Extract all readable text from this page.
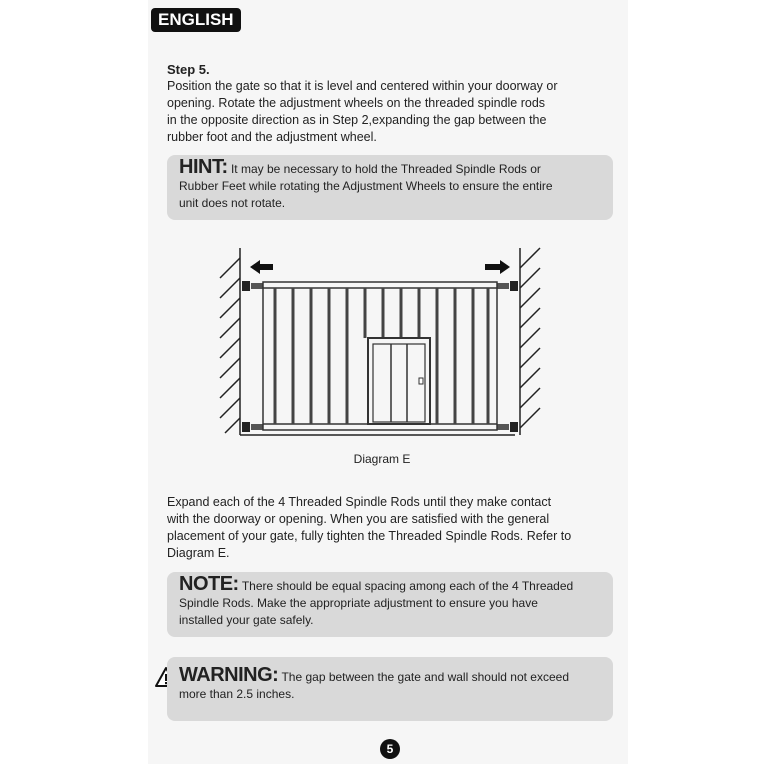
ENGLISH
Step 5.
Position the gate so that it is level and centered within your doorway or
opening. Rotate the adjustment wheels on the threaded spindle rods
in the opposite direction as in Step 2,expanding the gap between the
rubber foot and the adjustment wheel.
HINT: It may be necessary to hold the Threaded Spindle Rods or
Rubber Feet while rotating the Adjustment Wheels to ensure the entire
unit does not rotate.
Diagram E
Expand each of the 4 Threaded Spindle Rods until they make contact
with the doorway or opening. When you are satisfied with the general
placement of your gate, fully tighten the Threaded Spindle Rods. Refer to
Diagram E.
NOTE: There should be equal spacing among each of the 4 Threaded
Spindle Rods. Make the appropriate adjustment to ensure you have
installed your gate safely.
WARNING: The gap between the gate and wall should not exceed
more than 2.5 inches.
5
